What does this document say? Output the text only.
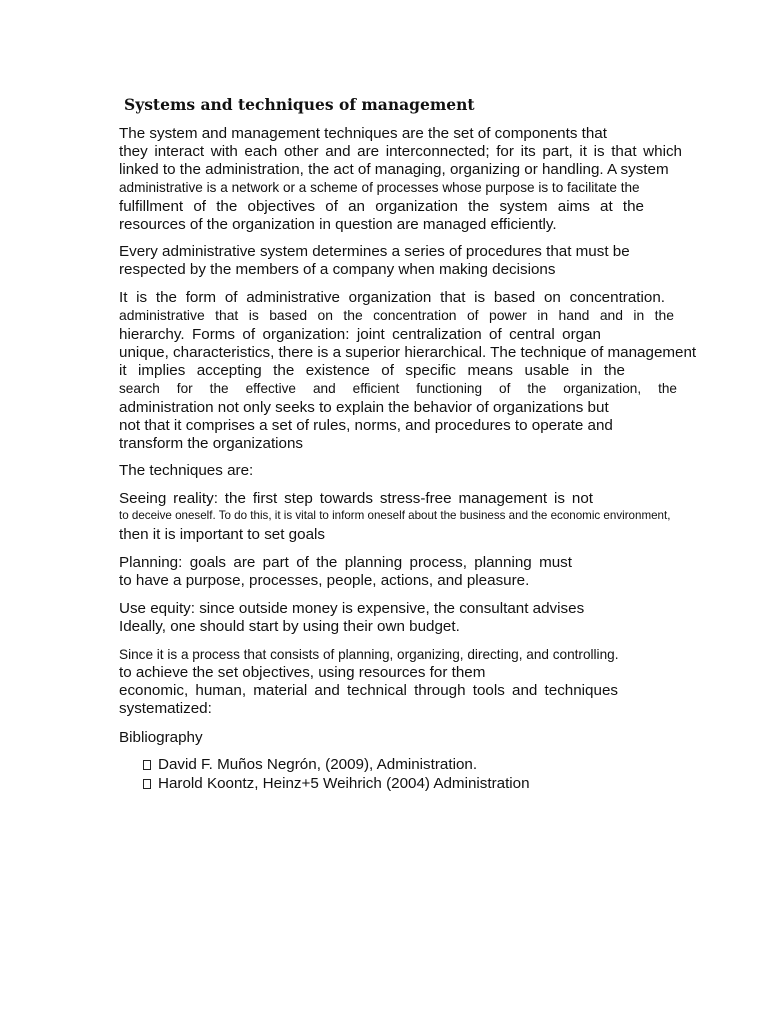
Systems and techniques of management
The system and management techniques are the set of components that
they interact with each other and are interconnected; for its part, it is that which
linked to the administration, the act of managing, organizing or handling. A system
administrative is a network or a scheme of processes whose purpose is to facilitate the
fulfillment of the objectives of an organization the system aims at the
resources of the organization in question are managed efficiently.
Every administrative system determines a series of procedures that must be
respected by the members of a company when making decisions
It is the form of administrative organization that is based on concentration.
administrative that is based on the concentration of power in hand and in the
hierarchy. Forms of organization: joint centralization of central organ
unique, characteristics, there is a superior hierarchical. The technique of management
it implies accepting the existence of specific means usable in the
search for the effective and efficient functioning of the organization, the
administration not only seeks to explain the behavior of organizations but
not that it comprises a set of rules, norms, and procedures to operate and
transform the organizations
The techniques are:
Seeing reality: the first step towards stress-free management is not
to deceive oneself. To do this, it is vital to inform oneself about the business and the economic environment,
then it is important to set goals
Planning: goals are part of the planning process, planning must
to have a purpose, processes, people, actions, and pleasure.
Use equity: since outside money is expensive, the consultant advises
Ideally, one should start by using their own budget.
Since it is a process that consists of planning, organizing, directing, and controlling.
to achieve the set objectives, using resources for them
economic, human, material and technical through tools and techniques
systematized:
Bibliography
David F. Muños Negrón, (2009), Administration.
Harold Koontz, Heinz+5 Weihrich (2004) Administration
